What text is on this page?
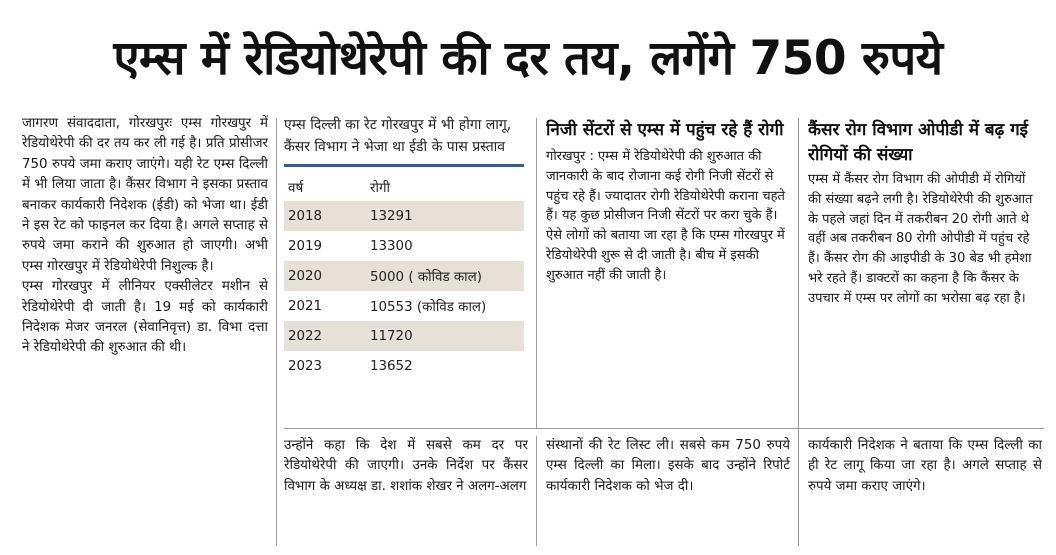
एम्स में रेडियोथेरेपी की दर तय, लगेंगे 750 रुपये

जागरण संवाददाता, गोरखपुरः एम्स गोरखपुर में रेडियोथेरेपी की दर तय कर ली गई है। प्रति प्रोसीजर 750 रुपये जमा कराए जाएंगे। यही रेट एम्स दिल्ली में भी लिया जाता है। कैंसर विभाग ने इसका प्रस्ताव बनाकर कार्यकारी निदेशक (ईडी) को भेजा था। ईडी ने इस रेट को फाइनल कर दिया है। अगले सप्ताह से रुपये जमा कराने की शुरुआत हो जाएगी। अभी एम्स गोरखपुर में रेडियोथेरेपी निशुल्क है।

एम्स गोरखपुर में लीनियर एक्सीलेटर मशीन से रेडियोथेरेपी दी जाती है। 19 मई को कार्यकारी निदेशक मेजर जनरल (सेवानिवृत्त) डा. विभा दत्ता ने रेडियोथेरेपी की शुरुआत की थी।

एम्स दिल्ली का रेट गोरखपुर में भी होगा लागू, कैंसर विभाग ने भेजा था ईडी के पास प्रस्ताव
वर्ष	रोगी
2018	13291
2019	13300
2020	5000 ( कोविड काल)
2021	10553 (कोविड काल)
2022	11720
2023	13652
निजी सेंटरों से एम्स में पहुंच रहे हैं रोगी
गोरखपुर : एम्स में रेडियोथेरेपी की शुरुआत की जानकारी के बाद रोजाना कई रोगी निजी सेंटरों से पहुंच रहे हैं। ज्यादातर रोगी रेडियोथेरेपी कराना चहते हैं। यह कुछ प्रोसीजन निजी सेंटरों पर करा चुके हैं। ऐसे लोगों को बताया जा रहा है कि एम्स गोरखपुर में रेडियोथेरेपी शुरू से दी जाती है। बीच में इसकी शुरुआत नहीं की जाती है।
कैंसर रोग विभाग ओपीडी में बढ़ गई रोगियों की संख्या
एम्स में कैंसर रोग विभाग की ओपीडी में रोगियों की संख्या बढ़ने लगी है। रेडियोथेरेपी की शुरुआत के पहले जहां दिन में तकरीबन 20 रोगी आते थे वहीं अब तकरीबन 80 रोगी ओपीडी में पहुंच रहे हैं। कैंसर रोग की आइपीडी के 30 बेड भी हमेशा भरे रहते हैं। डाक्टरों का कहना है कि कैंसर के उपचार में एम्स पर लोगों का भरोसा बढ़ रहा है।
उन्होंने कहा कि देश में सबसे कम दर पर रेडियोथेरेपी की जाएगी। उनके निर्देश पर कैंसर विभाग के अध्यक्ष डा. शशांक शेखर ने अलग-अलग
संस्थानों की रेट लिस्ट ली। सबसे कम 750 रुपये एम्स दिल्ली का मिला। इसके बाद उन्होंने रिपोर्ट कार्यकारी निदेशक को भेज दी।
कार्यकारी निदेशक ने बताया कि एम्स दिल्ली का ही रेट लागू किया जा रहा है। अगले सप्ताह से रुपये जमा कराए जाएंगे।
